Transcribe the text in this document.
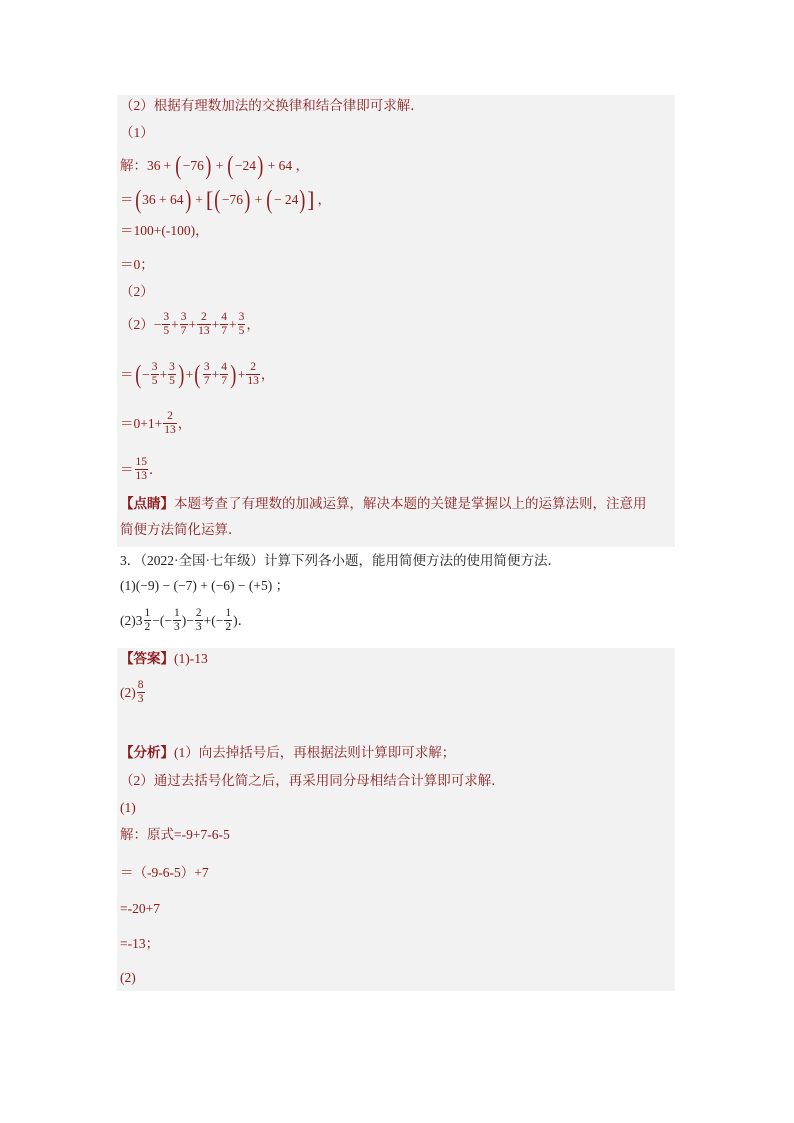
（2）根据有理数加法的交换律和结合律即可求解．
（1）
解： 36 + ( −76 ) + ( −24 ) + 64 ，
＝ ( 36 + 64 ) + [ ( −76 ) + ( − 24 ) ] ，
＝100+(-100)，
＝0；
（2）
$(2)- \frac{3}{5} + \frac{3}{7} + \frac{2}{13} + \frac{4}{7} + \frac{3}{5}$ ，
＝ ( − $\frac{3}{5} + \frac{3}{5}$ ) + ( $\frac{3}{7} + \frac{4}{7}$ ) + $\frac{2}{13}$ ，
$=0+1+ \frac{2}{13}$ ，
＝ $\frac{15}{13}$ ．
【点睛】 本题考查了有理数的加减运算，解决本题的关键是掌握以上的运算法则，注意用
简便方法简化运算．
3．（2022·全国·七年级）计算下列各小题，能用简便方法的使用简便方法．
(1)(−9) − (−7) + (−6) − (+5) ；
$(2)3 \frac{1}{2}$ −(− $\frac{1}{3}$ )− $\frac{2}{3}$ +(− $\frac{1}{2}$ )．
【答案】 (1)-13
$(2) \frac{8}{3}$
【分析】 (1）向去掉括号后，再根据法则计算即可求解；
（2）通过去括号化简之后，再采用同分母相结合计算即可求解．
(1)
解：原式=-9+7-6-5
＝（-9-6-5）+7
=-20+7
=-13；
(2)
